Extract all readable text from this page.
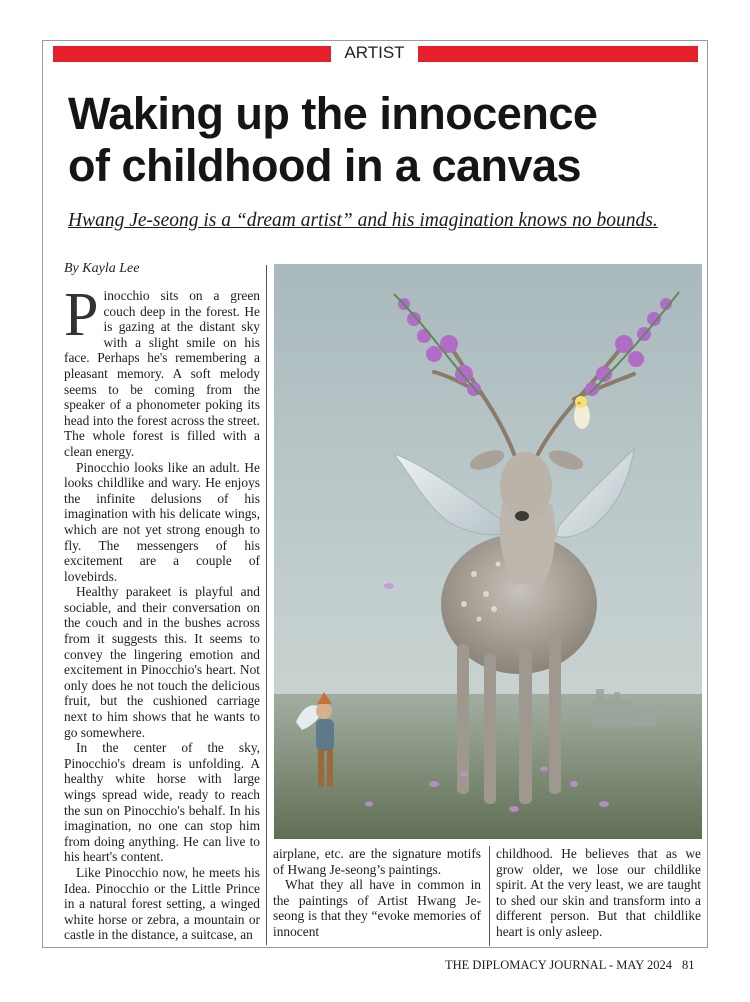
ARTIST
Waking up the innocence
of childhood in a canvas
Hwang Je-seong is a “dream artist” and his imagination knows no bounds.
By Kayla Lee

Pinocchio sits on a green couch deep in the forest. He is gazing at the distant sky with a slight smile on his face. Perhaps he's remembering a pleasant memory. A soft melody seems to be coming from the speaker of a phonometer poking its head into the forest across the street. The whole forest is filled with a clean energy.

Pinocchio looks like an adult. He looks childlike and wary. He enjoys the infinite delusions of his imagination with his delicate wings, which are not yet strong enough to fly. The messengers of his excitement are a couple of lovebirds.

Healthy parakeet is playful and sociable, and their conversation on the couch and in the bushes across from it suggests this. It seems to convey the lingering emotion and excitement in Pinocchio's heart. Not only does he not touch the delicious fruit, but the cushioned carriage next to him shows that he wants to go somewhere.

In the center of the sky, Pinocchio's dream is unfolding. A healthy white horse with large wings spread wide, ready to reach the sun on Pinocchio's behalf. In his imagination, no one can stop him from doing anything. He can live to his heart's content.

Like Pinocchio now, he meets his Idea. Pinocchio or the Little Prince in a natural forest setting, a winged white horse or zebra, a mountain or castle in the distance, a suitcase, an

airplane, etc. are the signature motifs of Hwang Je-seong’s paintings.

What they all have in common in the paintings of Artist Hwang Je-seong is that they “evoke memories of innocent

childhood. He believes that as we grow older, we lose our childlike spirit. At the very least, we are taught to shed our skin and transform into a different person. But that childlike heart is only asleep.

THE DIPLOMACY JOURNAL - MAY 2024 81
